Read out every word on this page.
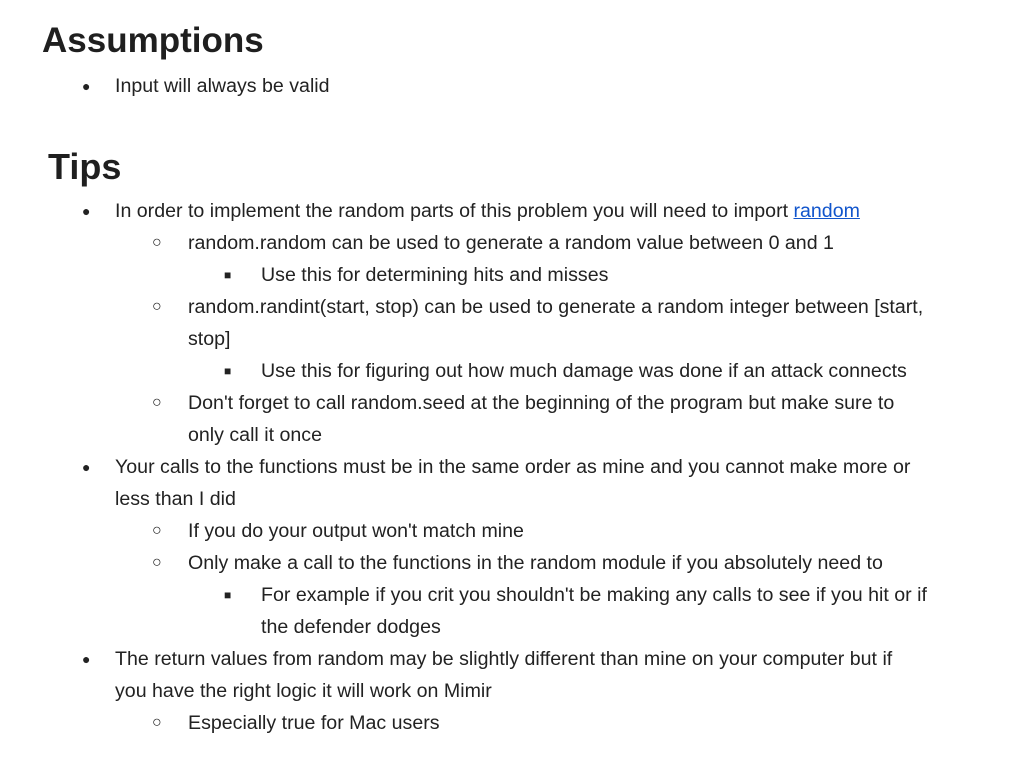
Assumptions
● Input will always be valid
Tips
● In order to implement the random parts of this problem you will need to import random
○ random.random can be used to generate a random value between 0 and 1
■ Use this for determining hits and misses
○ random.randint(start, stop) can be used to generate a random integer between [start,
stop]
■ Use this for figuring out how much damage was done if an attack connects
○ Don't forget to call random.seed at the beginning of the program but make sure to
only call it once
● Your calls to the functions must be in the same order as mine and you cannot make more or
less than I did
○ If you do your output won't match mine
○ Only make a call to the functions in the random module if you absolutely need to
■ For example if you crit you shouldn't be making any calls to see if you hit or if
the defender dodges
● The return values from random may be slightly different than mine on your computer but if
you have the right logic it will work on Mimir
○ Especially true for Mac users
